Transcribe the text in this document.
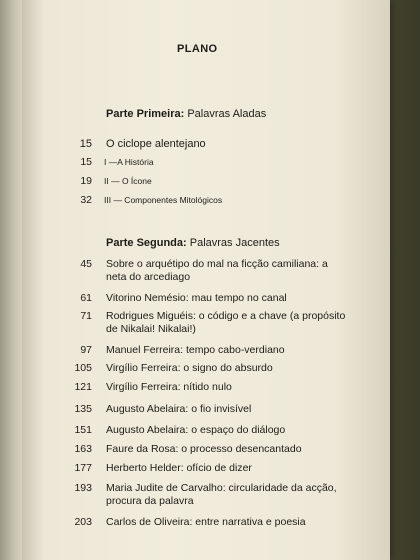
PLANO
Parte Primeira: Palavras Aladas
15 O ciclope alentejano
15 I —A História
19 II — O Ícone
32 III — Componentes Mitológicos
Parte Segunda: Palavras Jacentes
45 Sobre o arquétipo do mal na ficção camiliana: a neta do arcediago
61 Vitorino Nemésio: mau tempo no canal
71 Rodrigues Miguéis: o código e a chave (a propósito de Nikalai! Nikalai!)
97 Manuel Ferreira: tempo cabo-verdiano
105 Virgílio Ferreira: o signo do absurdo
121 Virgílio Ferreira: nítido nulo
135 Augusto Abelaira: o fio invisível
151 Augusto Abelaira: o espaço do diálogo
163 Faure da Rosa: o processo desencantado
177 Herberto Helder: ofício de dizer
193 Maria Judite de Carvalho: circularidade da acção, procura da palavra
203 Carlos de Oliveira: entre narrativa e poesia
